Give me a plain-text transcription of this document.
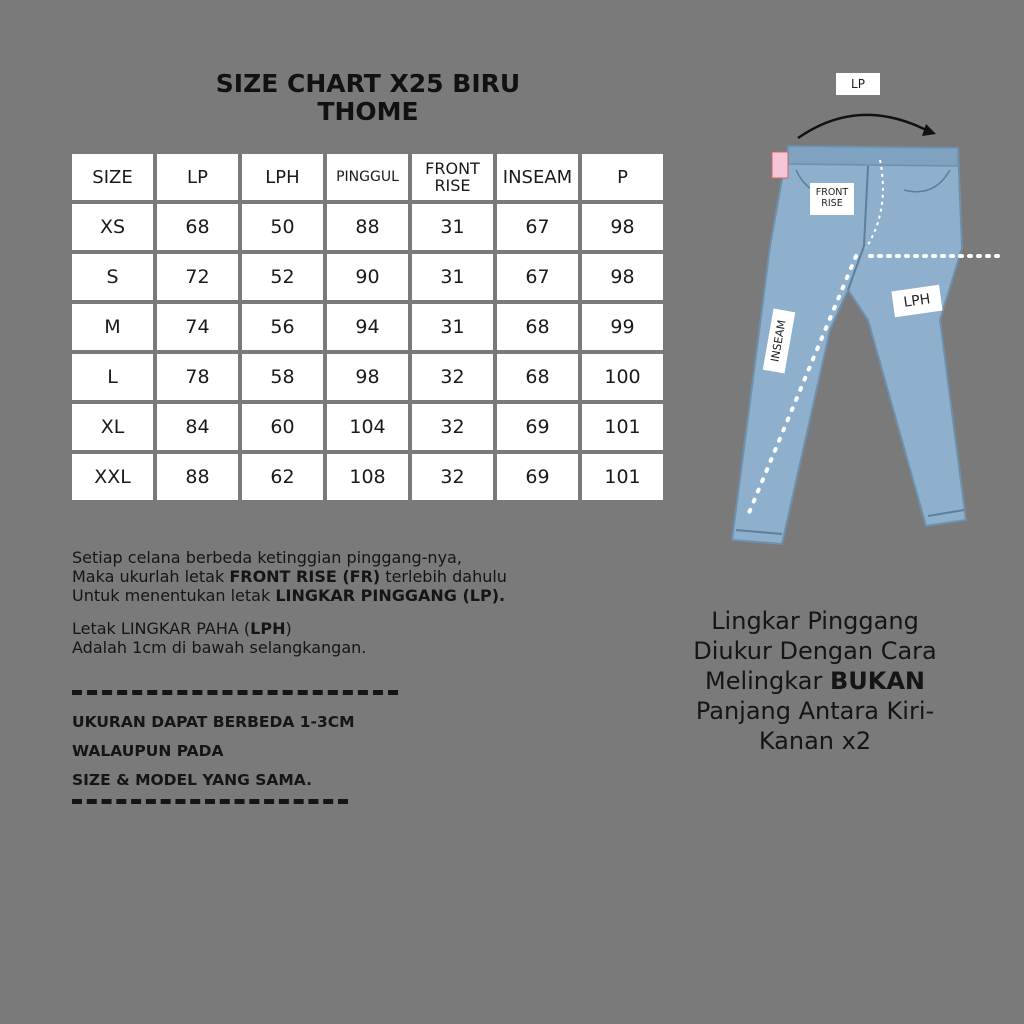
SIZE CHART X25 BIRU
THOME
SIZE	LP	LPH	PINGGUL	FRONT RISE	INSEAM	P
XS	68	50	88	31	67	98
S	72	52	90	31	67	98
M	74	56	94	31	68	99
L	78	58	98	32	68	100
XL	84	60	104	32	69	101
XXL	88	62	108	32	69	101

Setiap celana berbeda ketinggian pinggang-nya,

Maka ukurlah letak FRONT RISE (FR) terlebih dahulu

Untuk menentukan letak LINGKAR PINGGANG (LP).

Letak LINGKAR PAHA (LPH)

Adalah 1cm di bawah selangkangan.

UKURAN DAPAT BERBEDA 1-3CM
WALAUPUN PADA
SIZE & MODEL YANG SAMA.
LP
FRONT
RISE
LPH
INSEAM
Lingkar Pinggang
Diukur Dengan Cara
Melingkar BUKAN
Panjang Antara Kiri-
Kanan x2
